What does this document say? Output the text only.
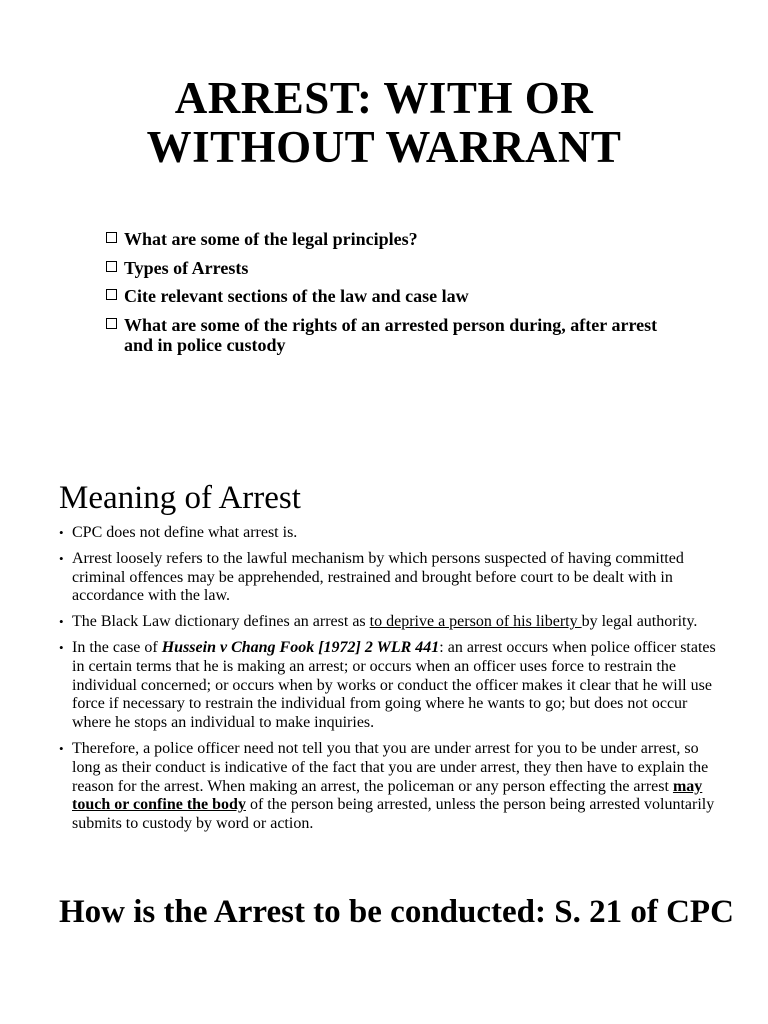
ARREST: WITH OR
WITHOUT WARRANT
What are some of the legal principles?
Types of Arrests
Cite relevant sections of the law and case law
What are some of the rights of an arrested person during, after arrest and in police custody
Meaning of Arrest
• CPC does not define what arrest is.
• Arrest loosely refers to the lawful mechanism by which persons suspected of having committed criminal offences may be apprehended, restrained and brought before court to be dealt with in accordance with the law.
• The Black Law dictionary defines an arrest as to deprive a person of his liberty by legal authority.
• In the case of Hussein v Chang Fook [1972] 2 WLR 441: an arrest occurs when police officer states in certain terms that he is making an arrest; or occurs when an officer uses force to restrain the individual concerned; or occurs when by works or conduct the officer makes it clear that he will use force if necessary to restrain the individual from going where he wants to go; but does not occur where he stops an individual to make inquiries.
• Therefore, a police officer need not tell you that you are under arrest for you to be under arrest, so long as their conduct is indicative of the fact that you are under arrest, they then have to explain the reason for the arrest. When making an arrest, the policeman or any person effecting the arrest may touch or confine the body of the person being arrested, unless the person being arrested voluntarily submits to custody by word or action.
How is the Arrest to be conducted: S. 21 of CPC
